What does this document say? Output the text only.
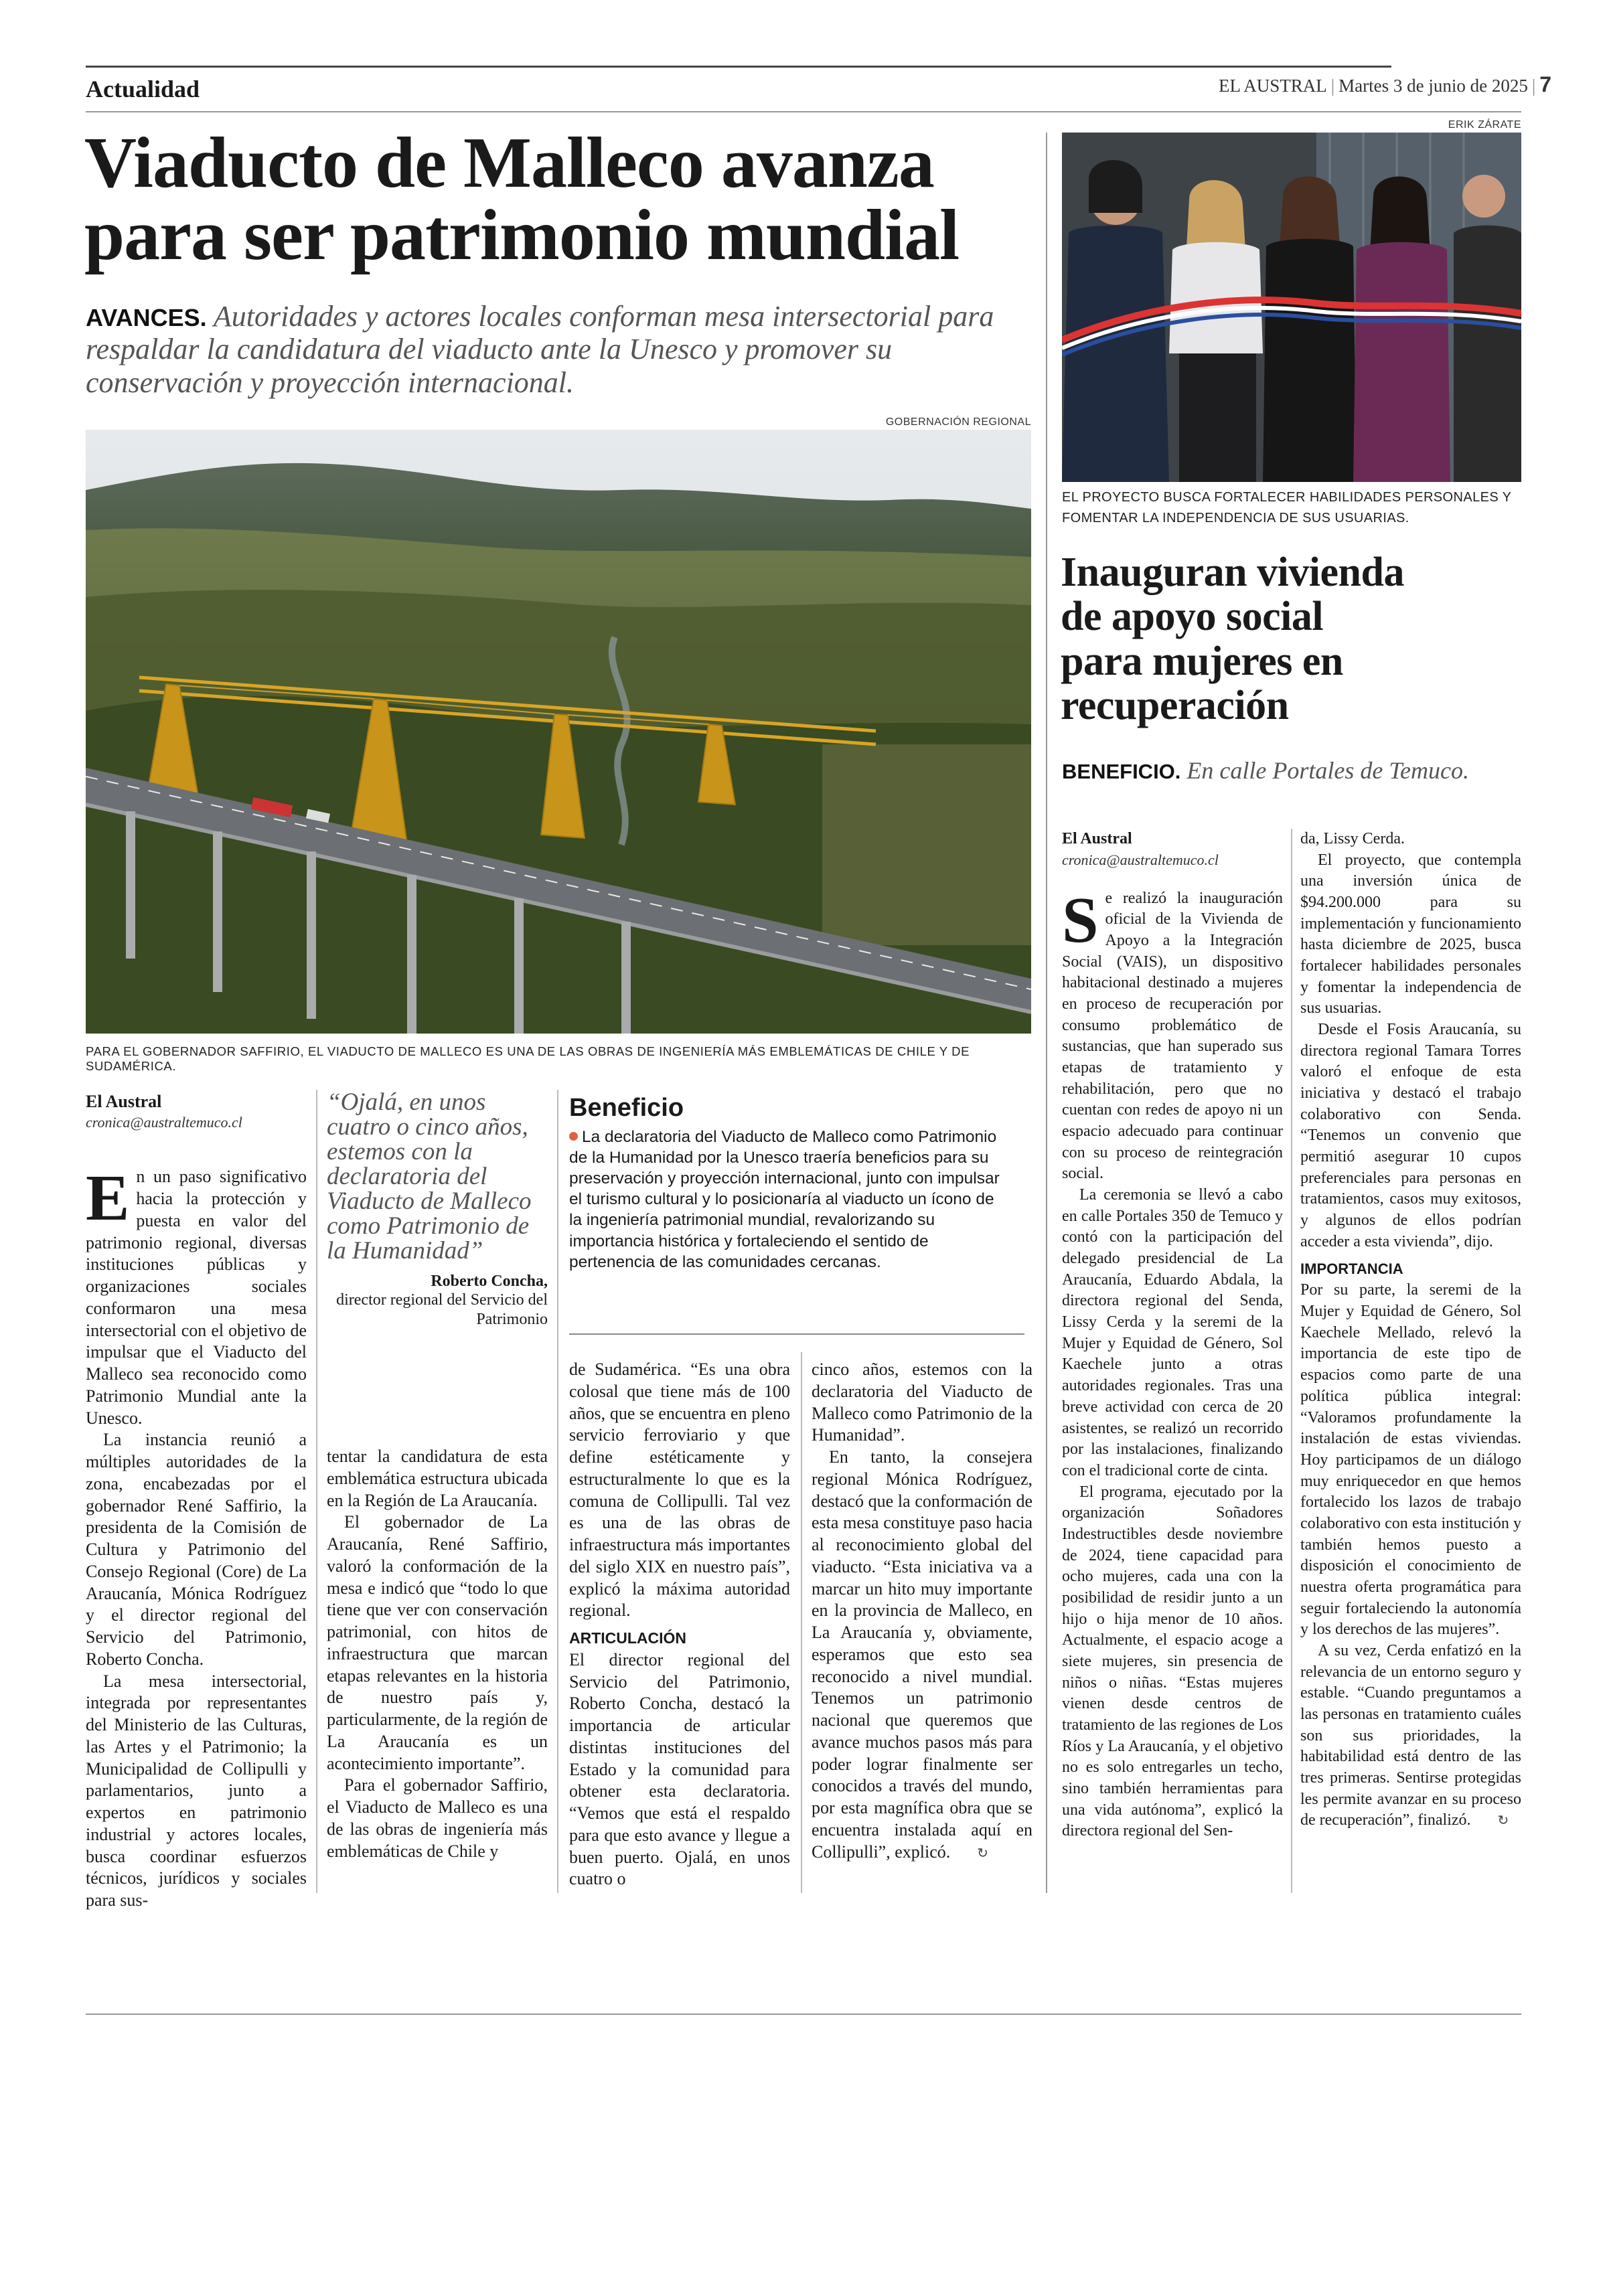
Actualidad	EL AUSTRAL | Martes 3 de junio de 2025 | 7
Viaducto de Malleco avanza
para ser patrimonio mundial
AVANCES. Autoridades y actores locales conforman mesa intersectorial para respaldar la candidatura del viaducto ante la Unesco y promover su conservación y proyección internacional.
GOBERNACIÓN REGIONAL
PARA EL GOBERNADOR SAFFIRIO, EL VIADUCTO DE MALLECO ES UNA DE LAS OBRAS DE INGENIERÍA MÁS EMBLEMÁTICAS DE CHILE Y DE SUDAMÉRICA.
El Austral
cronica@australtemuco.cl

En un paso significativo hacia la protección y puesta en valor del patrimonio regional, diversas instituciones públicas y organizaciones sociales conformaron una mesa intersectorial con el objetivo de impulsar que el Viaducto del Malleco sea reconocido como Patrimonio Mundial ante la Unesco.

La instancia reunió a múltiples autoridades de la zona, encabezadas por el gobernador René Saffirio, la presidenta de la Comisión de Cultura y Patrimonio del Consejo Regional (Core) de La Araucanía, Mónica Rodríguez y el director regional del Servicio del Patrimonio, Roberto Concha.

La mesa intersectorial, integrada por representantes del Ministerio de las Culturas, las Artes y el Patrimonio; la Municipalidad de Collipulli y parlamentarios, junto a expertos en patrimonio industrial y actores locales, busca coordinar esfuerzos técnicos, jurídicos y sociales para sus-

“Ojalá, en unos cuatro o cinco años, estemos con la declaratoria del Viaducto de Malleco como Patrimonio de la Humanidad”
Roberto Concha,
director regional del Servicio del Patrimonio

tentar la candidatura de esta emblemática estructura ubicada en la Región de La Araucanía.

El gobernador de La Araucanía, René Saffirio, valoró la conformación de la mesa e indicó que “todo lo que tiene que ver con conservación patrimonial, con hitos de infraestructura que marcan etapas relevantes en la historia de nuestro país y, particularmente, de la región de La Araucanía es un acontecimiento importante”.

Para el gobernador Saffirio, el Viaducto de Malleco es una de las obras de ingeniería más emblemáticas de Chile y

Beneficio
La declaratoria del Viaducto de Malleco como Patrimonio de la Humanidad por la Unesco traería beneficios para su preservación y proyección internacional, junto con impulsar el turismo cultural y lo posicionaría al viaducto un ícono de la ingeniería patrimonial mundial, revalorizando su importancia histórica y fortaleciendo el sentido de pertenencia de las comunidades cercanas.

de Sudamérica. “Es una obra colosal que tiene más de 100 años, que se encuentra en pleno servicio ferroviario y que define estéticamente y estructuralmente lo que es la comuna de Collipulli. Tal vez es una de las obras de infraestructura más importantes del siglo XIX en nuestro país”, explicó la máxima autoridad regional.

ARTICULACIÓN

El director regional del Servicio del Patrimonio, Roberto Concha, destacó la importancia de articular distintas instituciones del Estado y la comunidad para obtener esta declaratoria. “Vemos que está el respaldo para que esto avance y llegue a buen puerto. Ojalá, en unos cuatro o

cinco años, estemos con la declaratoria del Viaducto de Malleco como Patrimonio de la Humanidad”.

En tanto, la consejera regional Mónica Rodríguez, destacó que la conformación de esta mesa constituye paso hacia al reconocimiento global del viaducto. “Esta iniciativa va a marcar un hito muy importante en la provincia de Malleco, en La Araucanía y, obviamente, esperamos que esto sea reconocido a nivel mundial. Tenemos un patrimonio nacional que queremos que avance muchos pasos más para poder lograr finalmente ser conocidos a través del mundo, por esta magnífica obra que se encuentra instalada aquí en Collipulli”, explicó. ↻

ERIK ZÁRATE
EL PROYECTO BUSCA FORTALECER HABILIDADES PERSONALES Y FOMENTAR LA INDEPENDENCIA DE SUS USUARIAS.
Inauguran vivienda
de apoyo social
para mujeres en
recuperación
BENEFICIO. En calle Portales de Temuco.
El Austral
cronica@australtemuco.cl

Se realizó la inauguración oficial de la Vivienda de Apoyo a la Integración Social (VAIS), un dispositivo habitacional destinado a mujeres en proceso de recuperación por consumo problemático de sustancias, que han superado sus etapas de tratamiento y rehabilitación, pero que no cuentan con redes de apoyo ni un espacio adecuado para continuar con su proceso de reintegración social.

La ceremonia se llevó a cabo en calle Portales 350 de Temuco y contó con la participación del delegado presidencial de La Araucanía, Eduardo Abdala, la directora regional del Senda, Lissy Cerda y la seremi de la Mujer y Equidad de Género, Sol Kaechele junto a otras autoridades regionales. Tras una breve actividad con cerca de 20 asistentes, se realizó un recorrido por las instalaciones, finalizando con el tradicional corte de cinta.

El programa, ejecutado por la organización Soñadores Indestructibles desde noviembre de 2024, tiene capacidad para ocho mujeres, cada una con la posibilidad de residir junto a un hijo o hija menor de 10 años. Actualmente, el espacio acoge a siete mujeres, sin presencia de niños o niñas. “Estas mujeres vienen desde centros de tratamiento de las regiones de Los Ríos y La Araucanía, y el objetivo no es solo entregarles un techo, sino también herramientas para una vida autónoma”, explicó la directora regional del Sen-

da, Lissy Cerda.

El proyecto, que contempla una inversión única de $94.200.000 para su implementación y funcionamiento hasta diciembre de 2025, busca fortalecer habilidades personales y fomentar la independencia de sus usuarias.

Desde el Fosis Araucanía, su directora regional Tamara Torres valoró el enfoque de esta iniciativa y destacó el trabajo colaborativo con Senda. “Tenemos un convenio que permitió asegurar 10 cupos preferenciales para personas en tratamientos, casos muy exitosos, y algunos de ellos podrían acceder a esta vivienda”, dijo.

IMPORTANCIA

Por su parte, la seremi de la Mujer y Equidad de Género, Sol Kaechele Mellado, relevó la importancia de este tipo de espacios como parte de una política pública integral: “Valoramos profundamente la instalación de estas viviendas. Hoy participamos de un diálogo muy enriquecedor en que hemos fortalecido los lazos de trabajo colaborativo con esta institución y también hemos puesto a disposición el conocimiento de nuestra oferta programática para seguir fortaleciendo la autonomía y los derechos de las mujeres”.

A su vez, Cerda enfatizó en la relevancia de un entorno seguro y estable. “Cuando preguntamos a las personas en tratamiento cuáles son sus prioridades, la habitabilidad está dentro de las tres primeras. Sentirse protegidas les permite avanzar en su proceso de recuperación”, finalizó. ↻
